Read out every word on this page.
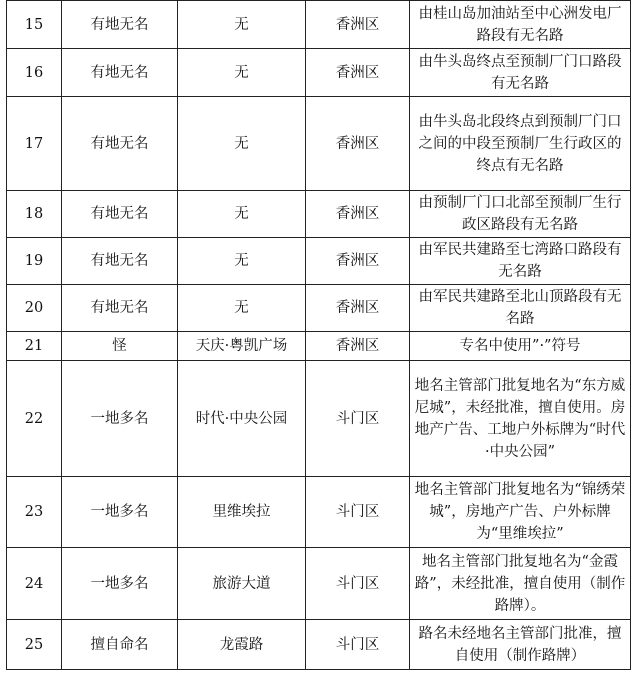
15	有地无名	无	香洲区	由桂山岛加油站至中心洲发电厂路段有无名路
16	有地无名	无	香洲区	由牛头岛终点至预制厂门口路段有无名路
17	有地无名	无	香洲区	由牛头岛北段终点到预制厂门口之间的中段至预制厂生行政区的终点有无名路
18	有地无名	无	香洲区	由预制厂门口北部至预制厂生行政区路段有无名路
19	有地无名	无	香洲区	由军民共建路至七湾路口路段有无名路
20	有地无名	无	香洲区	由军民共建路至北山顶路段有无名路
21	怪	天庆·粤凯广场	香洲区	专名中使用”·”符号
22	一地多名	时代·中央公园	斗门区	地名主管部门批复地名为“东方威尼城”，未经批准，擅自使用。房地产广告、工地户外标牌为“时代·中央公园”
23	一地多名	里维埃拉	斗门区	地名主管部门批复地名为“锦绣荣城”，房地产广告、户外标牌为“里维埃拉”
24	一地多名	旅游大道	斗门区	地名主管部门批复地名为“金霞路”，未经批准，擅自使用（制作路牌）。
25	擅自命名	龙霞路	斗门区	路名未经地名主管部门批准，擅自使用（制作路牌）
